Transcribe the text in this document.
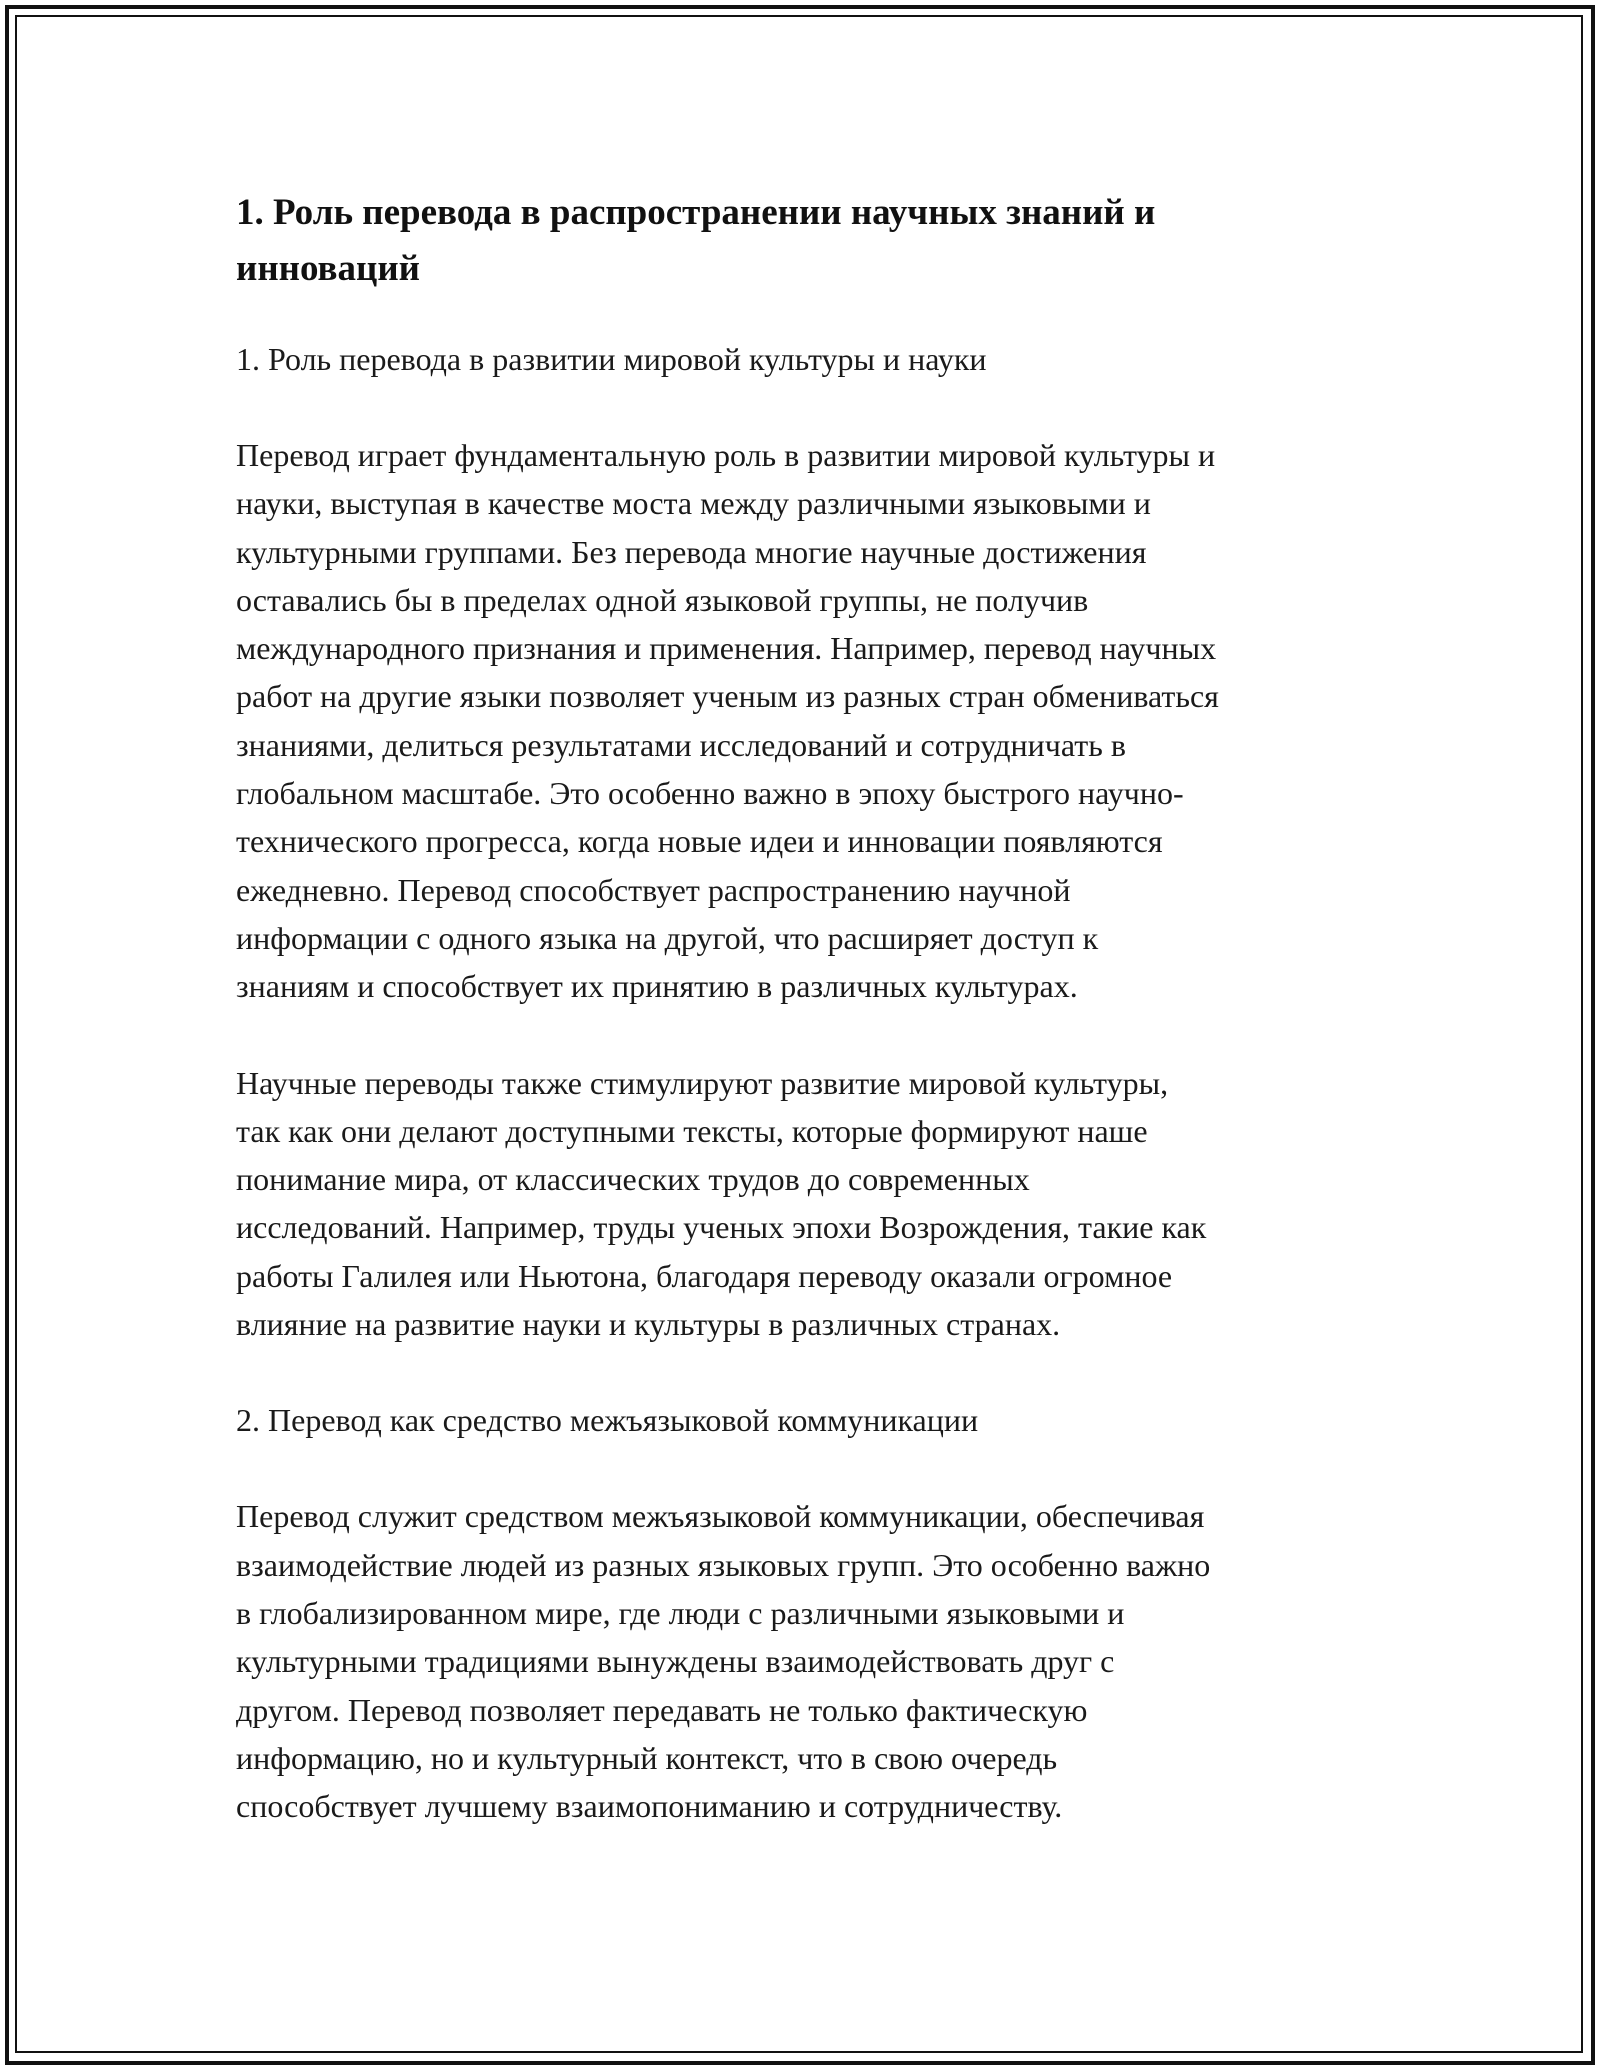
1. Роль перевода в распространении научных знаний и
инноваций

1. Роль перевода в развитии мировой культуры и науки

Перевод играет фундаментальную роль в развитии мировой культуры и
науки, выступая в качестве моста между различными языковыми и
культурными группами. Без перевода многие научные достижения
оставались бы в пределах одной языковой группы, не получив
международного признания и применения. Например, перевод научных
работ на другие языки позволяет ученым из разных стран обмениваться
знаниями, делиться результатами исследований и сотрудничать в
глобальном масштабе. Это особенно важно в эпоху быстрого научно-
технического прогресса, когда новые идеи и инновации появляются
ежедневно. Перевод способствует распространению научной
информации с одного языка на другой, что расширяет доступ к
знаниям и способствует их принятию в различных культурах.

Научные переводы также стимулируют развитие мировой культуры,
так как они делают доступными тексты, которые формируют наше
понимание мира, от классических трудов до современных
исследований. Например, труды ученых эпохи Возрождения, такие как
работы Галилея или Ньютона, благодаря переводу оказали огромное
влияние на развитие науки и культуры в различных странах.

2. Перевод как средство межъязыковой коммуникации

Перевод служит средством межъязыковой коммуникации, обеспечивая
взаимодействие людей из разных языковых групп. Это особенно важно
в глобализированном мире, где люди с различными языковыми и
культурными традициями вынуждены взаимодействовать друг с
другом. Перевод позволяет передавать не только фактическую
информацию, но и культурный контекст, что в свою очередь
способствует лучшему взаимопониманию и сотрудничеству.
